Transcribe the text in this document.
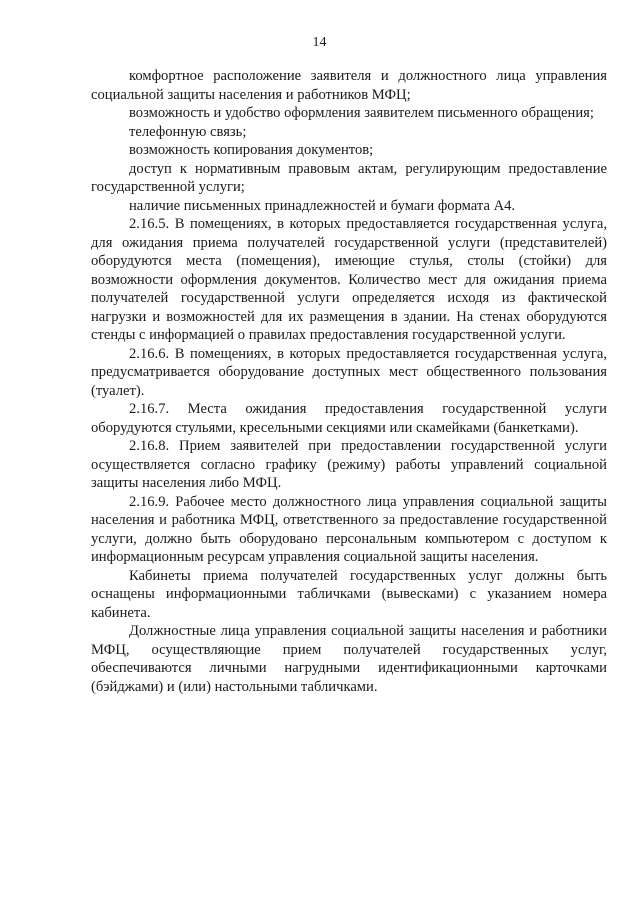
14

комфортное расположение заявителя и должностного лица управления социальной защиты населения и работников МФЦ;

возможность и удобство оформления заявителем письменного обращения;

телефонную связь;

возможность копирования документов;

доступ к нормативным правовым актам, регулирующим предоставление государственной услуги;

наличие письменных принадлежностей и бумаги формата А4.

2.16.5. В помещениях, в которых предоставляется государственная услуга, для ожидания приема получателей государственной услуги (представителей) оборудуются места (помещения), имеющие стулья, столы (стойки) для возможности оформления документов. Количество мест для ожидания приема получателей государственной услуги определяется исходя из фактической нагрузки и возможностей для их размещения в здании. На стенах оборудуются стенды с информацией о правилах предоставления государственной услуги.

2.16.6. В помещениях, в которых предоставляется государственная услуга, предусматривается оборудование доступных мест общественного пользования (туалет).

2.16.7. Места ожидания предоставления государственной услуги оборудуются стульями, кресельными секциями или скамейками (банкетками).

2.16.8. Прием заявителей при предоставлении государственной услуги осуществляется согласно графику (режиму) работы управлений социальной защиты населения либо МФЦ.

2.16.9. Рабочее место должностного лица управления социальной защиты населения и работника МФЦ, ответственного за предоставление государственной услуги, должно быть оборудовано персональным компьютером с доступом к информационным ресурсам управления социальной защиты населения.

Кабинеты приема получателей государственных услуг должны быть оснащены информационными табличками (вывесками) с указанием номера кабинета.

Должностные лица управления социальной защиты населения и работники МФЦ, осуществляющие прием получателей государственных услуг, обеспечиваются личными нагрудными идентификационными карточками (бэйджами) и (или) настольными табличками.
